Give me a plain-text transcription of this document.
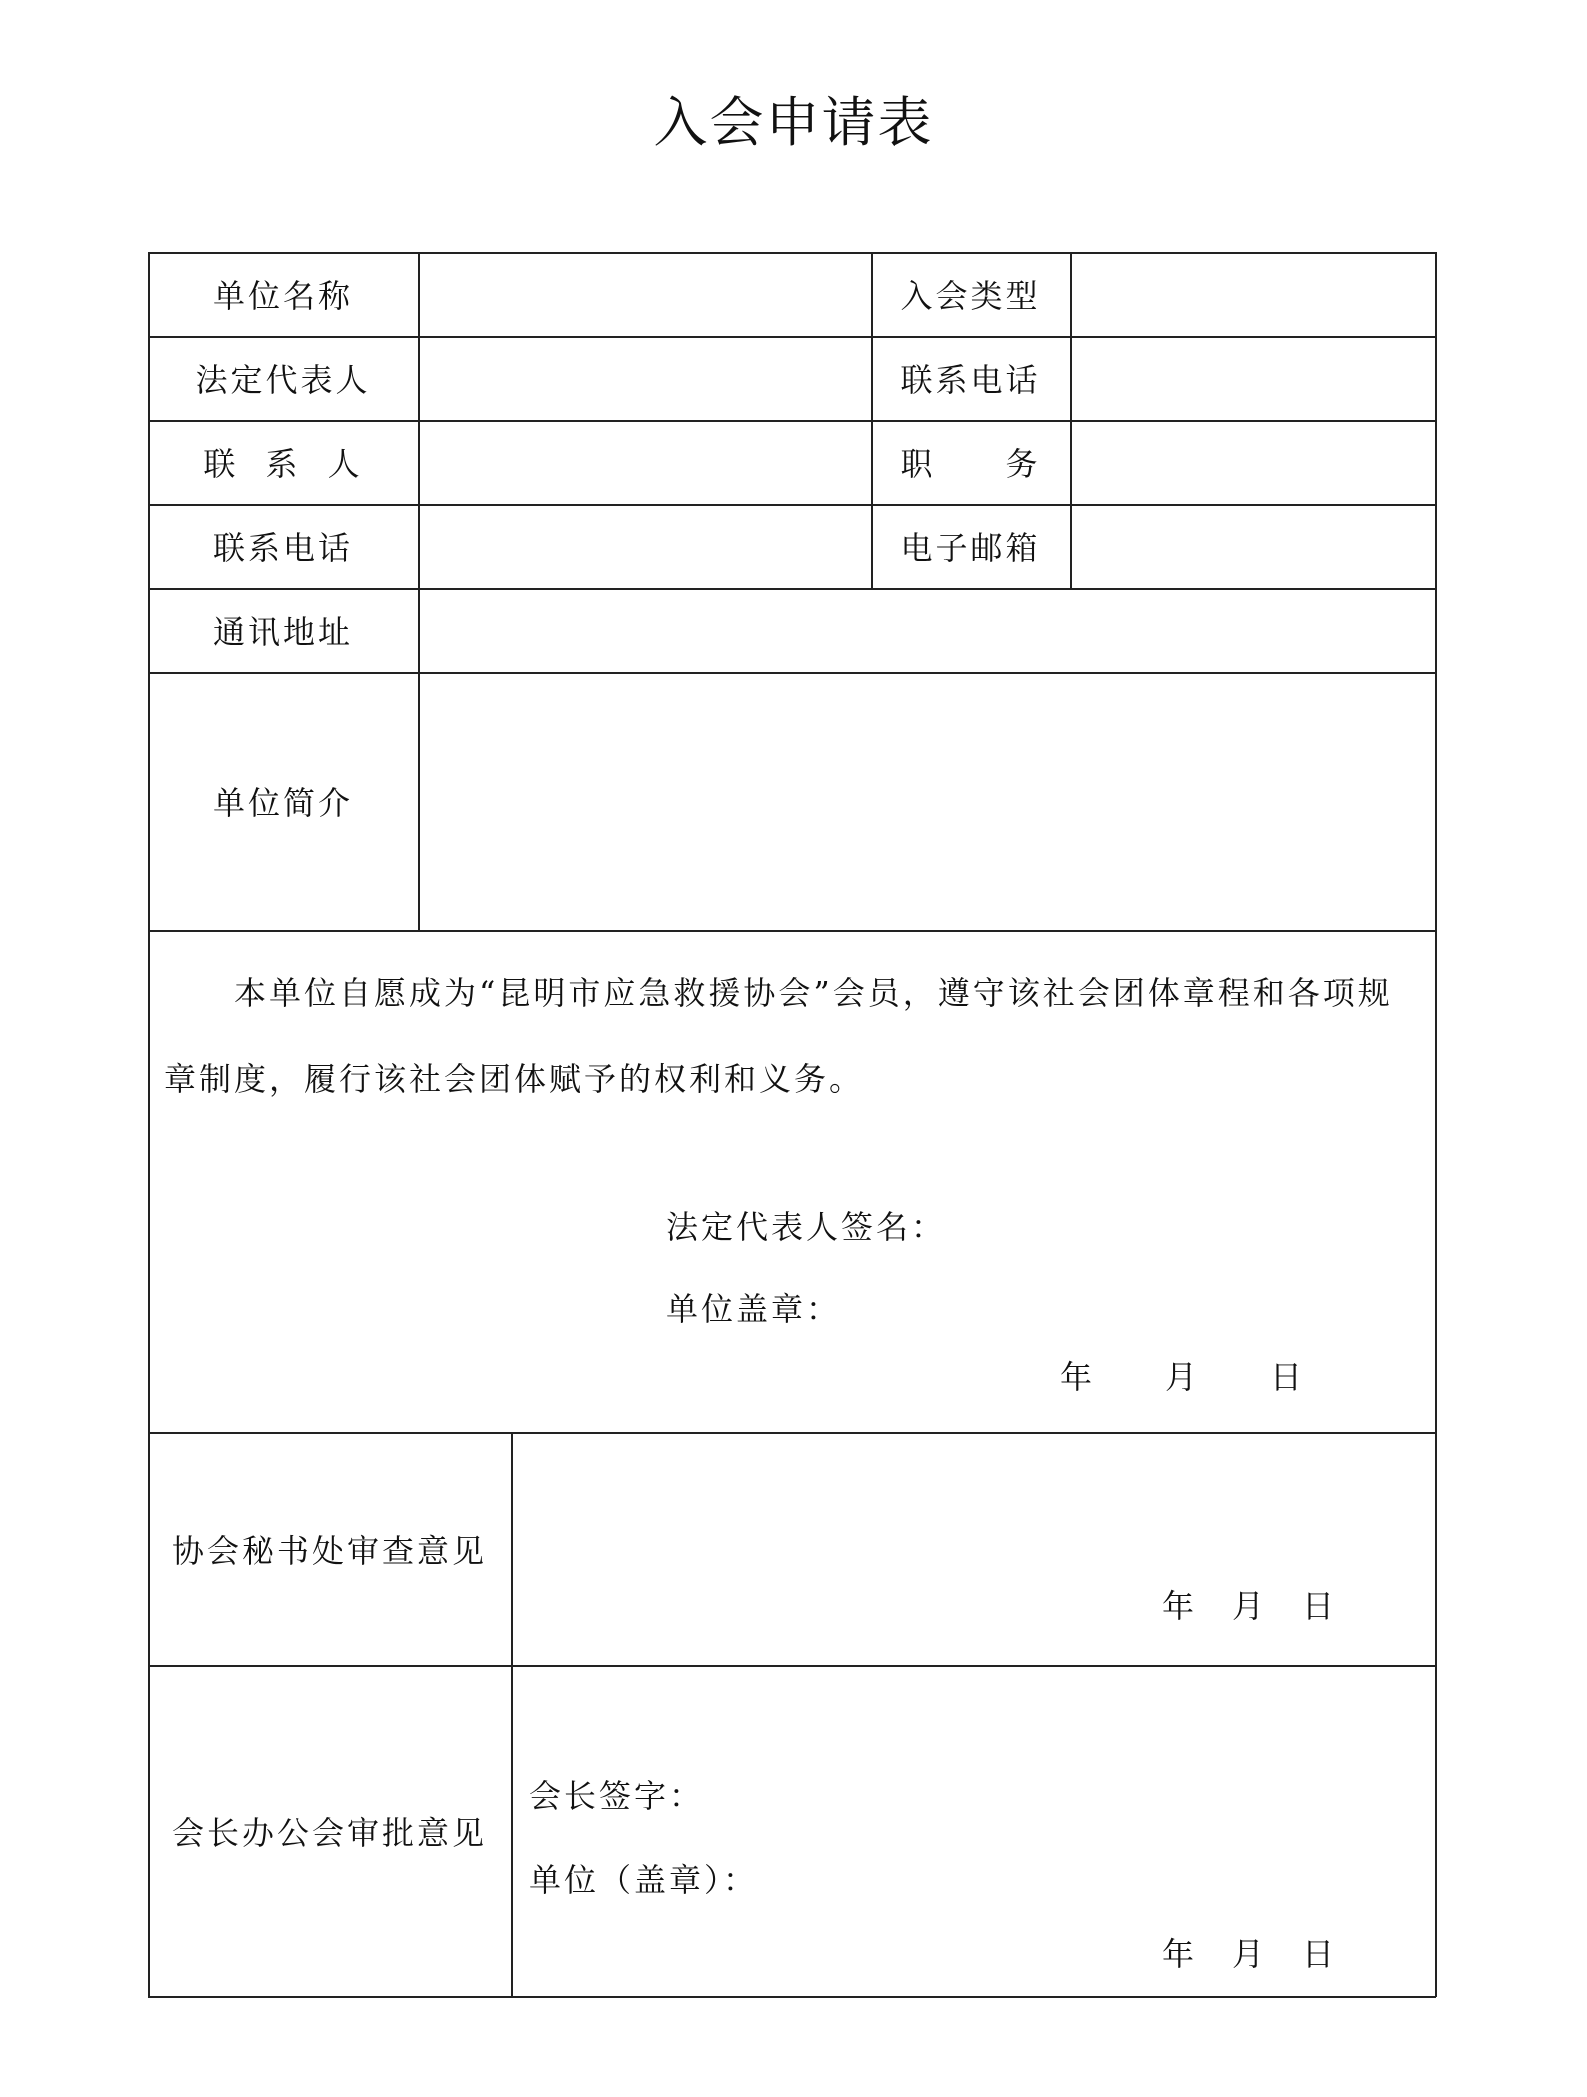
入会申请表
单位名称	入会类型
法定代表人	联系电话
联 系 人	职　　务
联系电话	电子邮箱
通讯地址
单位简介
本单位自愿成为“昆明市应急救援协会”会员，遵守该社会团体章程和各项规章制度，履行该社会团体赋予的权利和义务。
法定代表人签名：
单位盖章：
年　　月　　日
协会秘书处审查意见
年　月　日
会长办公会审批意见
会长签字：
单位（盖章）：
年　月　日
